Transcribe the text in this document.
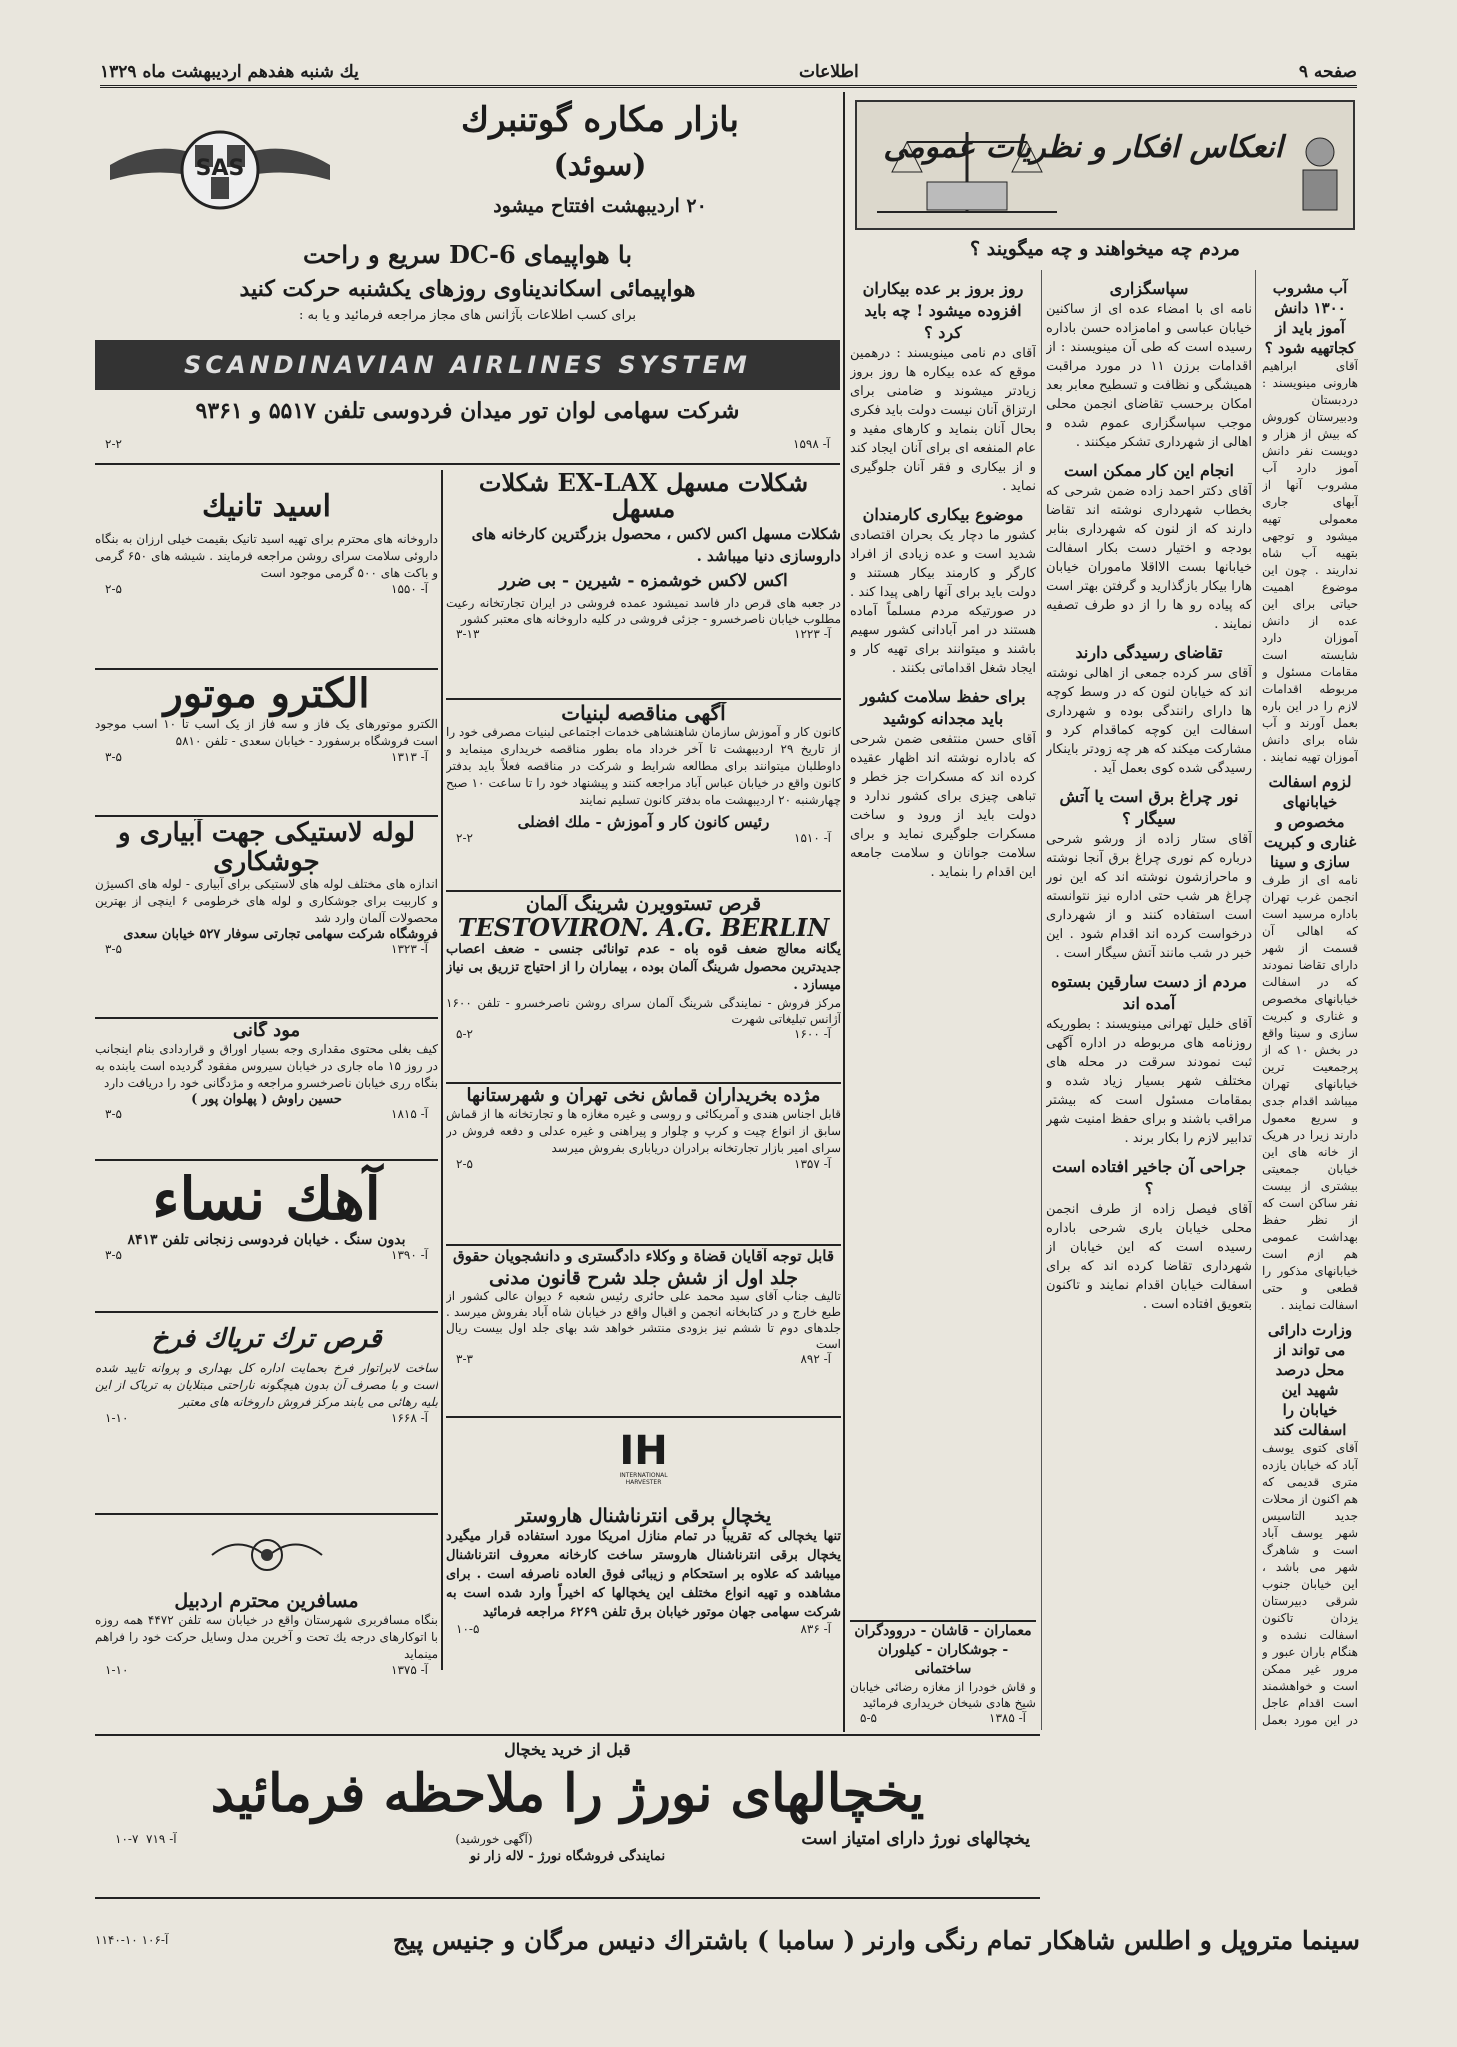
صفحه ۹
اطلاعات
یك شنبه هفدهم اردیبهشت ماه ۱۳۲۹
انعکاس افکار و نظریات عمومی
مردم چه میخواهند و چه میگویند ؟
آب مشروب ۱۳۰۰ دانش آموز باید از کجاتهیه شود ؟
آقای ابراهیم هارونی مینویسند : دردبستان ودبیرستان کوروش که بیش از هزار و دویست نفر دانش آموز دارد آب مشروب آنها از آبهای جاری معمولی تهیه میشود و توجهی بتهیه آب شاه نداریند . چون این موضوع اهمیت حیاتی برای این عده از دانش آموزان دارد شایسته است مقامات مسئول و مربوطه اقدامات لازم را در این باره بعمل آورند و آب شاه برای دانش آموزان تهیه نمایند .
لزوم اسفالت خیابانهای مخصوص و غناری و کبریت سازی و سینا
نامه ای از طرف انجمن غرب تهران باداره مرسید است که اهالی آن قسمت از شهر دارای تقاضا نمودند که در اسفالت خیابانهای مخصوص و غناری و کبریت سازی و سینا واقع در بخش ۱۰ که از پرجمعیت ترین خیابانهای تهران میباشد اقدام جدی و سریع معمول دارند زیرا در هریک از خانه های این خیابان جمعیتی بیشتری از بیست نفر ساکن است که از نظر حفظ بهداشت عمومی هم ازم است خیابانهای مذکور را قطعی و حتی اسفالت نمایند .
وزارت دارائی می تواند از محل درصد شهید این خیابان را اسفالت کند
آقای کتوی یوسف آباد که خیابان یازده متری قدیمی که هم اکنون از محلات جدید التاسیس شهر یوسف آباد است و شاهرگ شهر می باشد ، این خیابان جنوب شرقی دبیرستان یزدان تاکنون اسفالت نشده و هنگام باران عبور و مرور غیر ممکن است و خواهشمند است اقدام عاجل در این مورد بعمل
سپاسگزاری
نامه ای با امضاء عده ای از ساکنین خیابان عباسی و امامزاده حسن باداره رسیده است که طی آن مینویسند : از اقدامات برزن ۱۱ در مورد مراقبت همیشگی و نظافت و تسطیح معابر بعد امکان برحسب تقاضای انجمن محلی موجب سپاسگزاری عموم شده و اهالی از شهرداری تشکر میکنند .
انجام این کار ممکن است
آقای دکتر احمد زاده ضمن شرحی که بخطاب شهرداری نوشته اند تقاضا دارند که از لنون که شهرداری بنابر بودجه و اختیار دست بکار اسفالت خیابانها بست الااقلا ماموران خیابان هارا بیکار بازگذارید و گرفتن بهتر است که پیاده رو ها را از دو طرف تصفیه نمایند .
تقاضای رسیدگی دارند
آقای سر کرده جمعی از اهالی نوشته اند که خیابان لنون که در وسط کوچه ها دارای رانندگی بوده و شهرداری اسفالت این کوچه کماقدام کرد و مشارکت میکند که هر چه زودتر باینکار رسیدگی شده کوی بعمل آید .
نور چراغ برق است یا آتش سیگار ؟
آقای ستار زاده از ورشو شرحی درباره کم نوری چراغ برق آنجا نوشته و ماحرازشون نوشته اند که این نور چراغ هر شب حتی اداره نیز نتوانسته است استفاده کنند و از شهرداری درخواست کرده اند اقدام شود . این خبر در شب مانند آتش سیگار است .
مردم از دست سارقین بستوه آمده اند
آقای خلیل تهرانی مینویسند : بطوریکه روزنامه های مربوطه در اداره آگهی ثبت نمودند سرقت در محله های مختلف شهر بسیار زیاد شده و بمقامات مسئول است که بیشتر مراقب باشند و برای حفظ امنیت شهر تدابیر لازم را بکار برند .
جراحی آن جاخیر افتاده است ؟
آقای فیصل زاده از طرف انجمن محلی خیابان باری شرحی باداره رسیده است که این خیابان از شهرداری تقاضا کرده اند که برای اسفالت خیابان اقدام نمایند و تاکنون بتعویق افتاده است .
روز بروز بر عده بیکاران افزوده میشود ! چه باید کرد ؟
آقای دم نامی مینویسند : درهمین موقع که عده بیکاره ها روز بروز زیادتر میشوند و ضامنی برای ارتزاق آنان نیست دولت باید فکری بحال آنان بنماید و کارهای مفید و عام المنفعه ای برای آنان ایجاد کند و از بیکاری و فقر آنان جلوگیری نماید .
موضوع بیکاری کارمندان
کشور ما دچار یک بحران اقتصادی شدید است و عده زیادی از افراد کارگر و کارمند بیکار هستند و دولت باید برای آنها راهی پیدا کند . در صورتیکه مردم مسلماً آماده هستند در امر آبادانی کشور سهیم باشند و میتوانند برای تهیه کار و ایجاد شغل اقداماتی بکنند .
برای حفظ سلامت کشور باید مجدانه کوشید
آقای حسن منتفعی ضمن شرحی که باداره نوشته اند اظهار عقیده کرده اند که مسکرات جز خطر و تباهی چیزی برای کشور ندارد و دولت باید از ورود و ساخت مسکرات جلوگیری نماید و برای سلامت جوانان و سلامت جامعه این اقدام را بنماید .
معماران - قاشان - دروودگران - جوشکاران - کیلوران ساختمانی
و قاش خودرا از مغازه رضائی خیابان شیخ هادی شیخان خریداری فرمائید
۵-۵	آ- ۱۳۸۵
SAS
بازار مکاره گوتنبرك
(سوئد)
۲۰ اردیبهشت افتتاح میشود
با هواپیمای DC-6 سریع و راحت
هواپیمائی اسکاندیناوی روزهای یکشنبه حرکت کنید
برای کسب اطلاعات بآژانس های مجاز مراجعه فرمائید و یا به :
SCANDINAVIAN AIRLINES SYSTEM
شرکت سهامی لوان تور میدان فردوسی تلفن ۵۵۱۷ و ۹۳۶۱
۲-۲	آ- ۱۵۹۸
شکلات مسهل EX-LAX شکلات مسهل
شکلات مسهل اکس لاکس ، محصول بزرگترین کارخانه های داروسازی دنیا میباشد .
اکس لاکس خوشمزه - شیرین - بی ضرر
در جعبه های قرص دار فاسد نمیشود عمده فروشی در ایران تجارتخانه رعیت مطلوب خیابان ناصرخسرو - جزئی فروشی در کلیه داروخانه های معتبر کشور
۳-۱۳	آ- ۱۲۲۳
آگهی مناقصه لبنیات
کانون کار و آموزش سازمان شاهنشاهی خدمات اجتماعی لبنیات مصرفی خود را از تاریخ ۲۹ اردیبهشت تا آخر خرداد ماه بطور مناقصه خریداری مینماید و داوطلبان میتوانند برای مطالعه شرایط و شرکت در مناقصه فعلاً باید بدفتر کانون واقع در خیابان عباس آباد مراجعه کنند و پیشنهاد خود را تا ساعت ۱۰ صبح چهارشنبه ۲۰ اردیبهشت ماه بدفتر کانون تسلیم نمایند
رئیس کانون کار و آموزش - ملك افضلی
۲-۲	آ- ۱۵۱۰
قرص تستوویرن شرینگ آلمان
TESTOVIRON. A.G. BERLIN
یگانه معالج ضعف قوه باه - عدم توانائی جنسی - ضعف اعصاب جدیدترین محصول شرینگ آلمان بوده ، بیماران را از احتیاج تزریق بی نیاز میسازد .
مرکز فروش - نمایندگی شرینگ آلمان سرای روشن ناصرخسرو - تلفن ۱۶۰۰ آژانس تبلیغاتی شهرت
۵-۲	آ- ۱۶۰۰
مژده بخریداران قماش نخی تهران و شهرستانها
قابل اجناس هندی و آمریکائی و روسی و غیره مغازه ها و تجارتخانه ها از قماش سابق از انواع چیت و کرپ و چلوار و پیراهنی و غیره عدلی و دفعه فروش در سرای امیر بازار تجارتخانه برادران دریاباری بفروش میرسد
۲-۵	آ- ۱۳۵۷
قابل توجه آقایان قضاة و وکلاء دادگستری و دانشجویان حقوق
جلد اول از شش جلد شرح قانون مدنی
تالیف جناب آقای سید محمد علی حائری رئیس شعبه ۶ دیوان عالی کشور از طبع خارج و در کتابخانه انجمن و اقبال واقع در خیابان شاه آباد بفروش میرسد . جلدهای دوم تا ششم نیز بزودی منتشر خواهد شد بهای جلد اول بیست ریال است
۳-۳	آ- ۸۹۲
IH
INTERNATIONAL HARVESTER
یخچال برقی انترناشنال هاروستر
تنها یخچالی که تقریباً در تمام منازل امریکا مورد استفاده قرار میگیرد یخچال برقی انترناشنال هاروستر ساخت کارخانه معروف انترناشنال میباشد که علاوه بر استحکام و زیبائی فوق العاده ناصرفه است . برای مشاهده و تهیه انواع مختلف این یخچالها که اخیراً وارد شده است به شرکت سهامی جهان موتور خیابان برق تلفن ۶۲۶۹ مراجعه فرمائید
۱۰-۵	آ- ۸۳۶
اسید تانیك
داروخانه های محترم برای تهیه اسید تانیک بقیمت خیلی ارزان به بنگاه داروئی سلامت سرای روشن مراجعه فرمایند . شیشه های ۶۵۰ گرمی و باکت های ۵۰۰ گرمی موجود است
۲-۵	آ- ۱۵۵۰
الکترو موتور
الکترو موتورهای یک فاز و سه فاز از یک اسب تا ۱۰ اسب موجود است فروشگاه برسفورد - خیابان سعدی - تلفن ۵۸۱۰
۳-۵	آ- ۱۳۱۳
لوله لاستیکی جهت آبیاری و جوشکاری
اندازه های مختلف لوله های لاستیکی برای آبیاری - لوله های اکسیژن و کاربیت برای جوشکاری و لوله های خرطومی ۶ اینچی از بهترین محصولات آلمان وارد شد
فروشگاه شرکت سهامی تجارتی سوفار ۵۲۷ خیابان سعدی
۳-۵	آ- ۱۳۲۳
مود گانی
کیف بغلی محتوی مقداری وجه بسیار اوراق و قراردادی بنام اینجانب در روز ۱۵ ماه جاری در خیابان سیروس مفقود گردیده است یابنده به بنگاه رری خیابان ناصرخسرو مراجعه و مژدگانی خود را دریافت دارد
حسین راوش ( پهلوان پور )
۳-۵	آ- ۱۸۱۵
آهك نساء
بدون سنگ . خیابان فردوسی زنجانی تلفن ۸۴۱۳
۳-۵	آ- ۱۳۹۰
قرص ترك تریاك فرخ
ساخت لابراتوار فرخ بحمایت اداره کل بهداری و پروانه تایید شده است و با مصرف آن بدون هیچگونه ناراحتی مبتلایان به تریاک از این بلیه رهائی می یابند مرکز فروش داروخانه های معتبر
۱-۱۰	آ- ۱۶۶۸
مسافرین محترم اردبیل
بنگاه مسافربری شهرستان واقع در خیابان سه تلفن ۴۴۷۲ همه روزه با اتوکارهای درجه یك تحت و آخرین مدل وسایل حرکت خود را فراهم مینماید
۱-۱۰	آ- ۱۳۷۵
قبل از خرید یخچال
یخچالهای نورژ را ملاحظه فرمائید
یخچالهای نورژ دارای امتیاز است
(آگهی خورشید)
۱۰-۷
آ- ۷۱۹
نمایندگی فروشگاه نورژ - لاله زار نو
سینما متروپل و اطلس شاهکار تمام رنگی وارنر ( سامبا ) باشتراك دنیس مرگان و جنیس پیج
آ-۱۰۶ ۱۰-۱۱۴۰
